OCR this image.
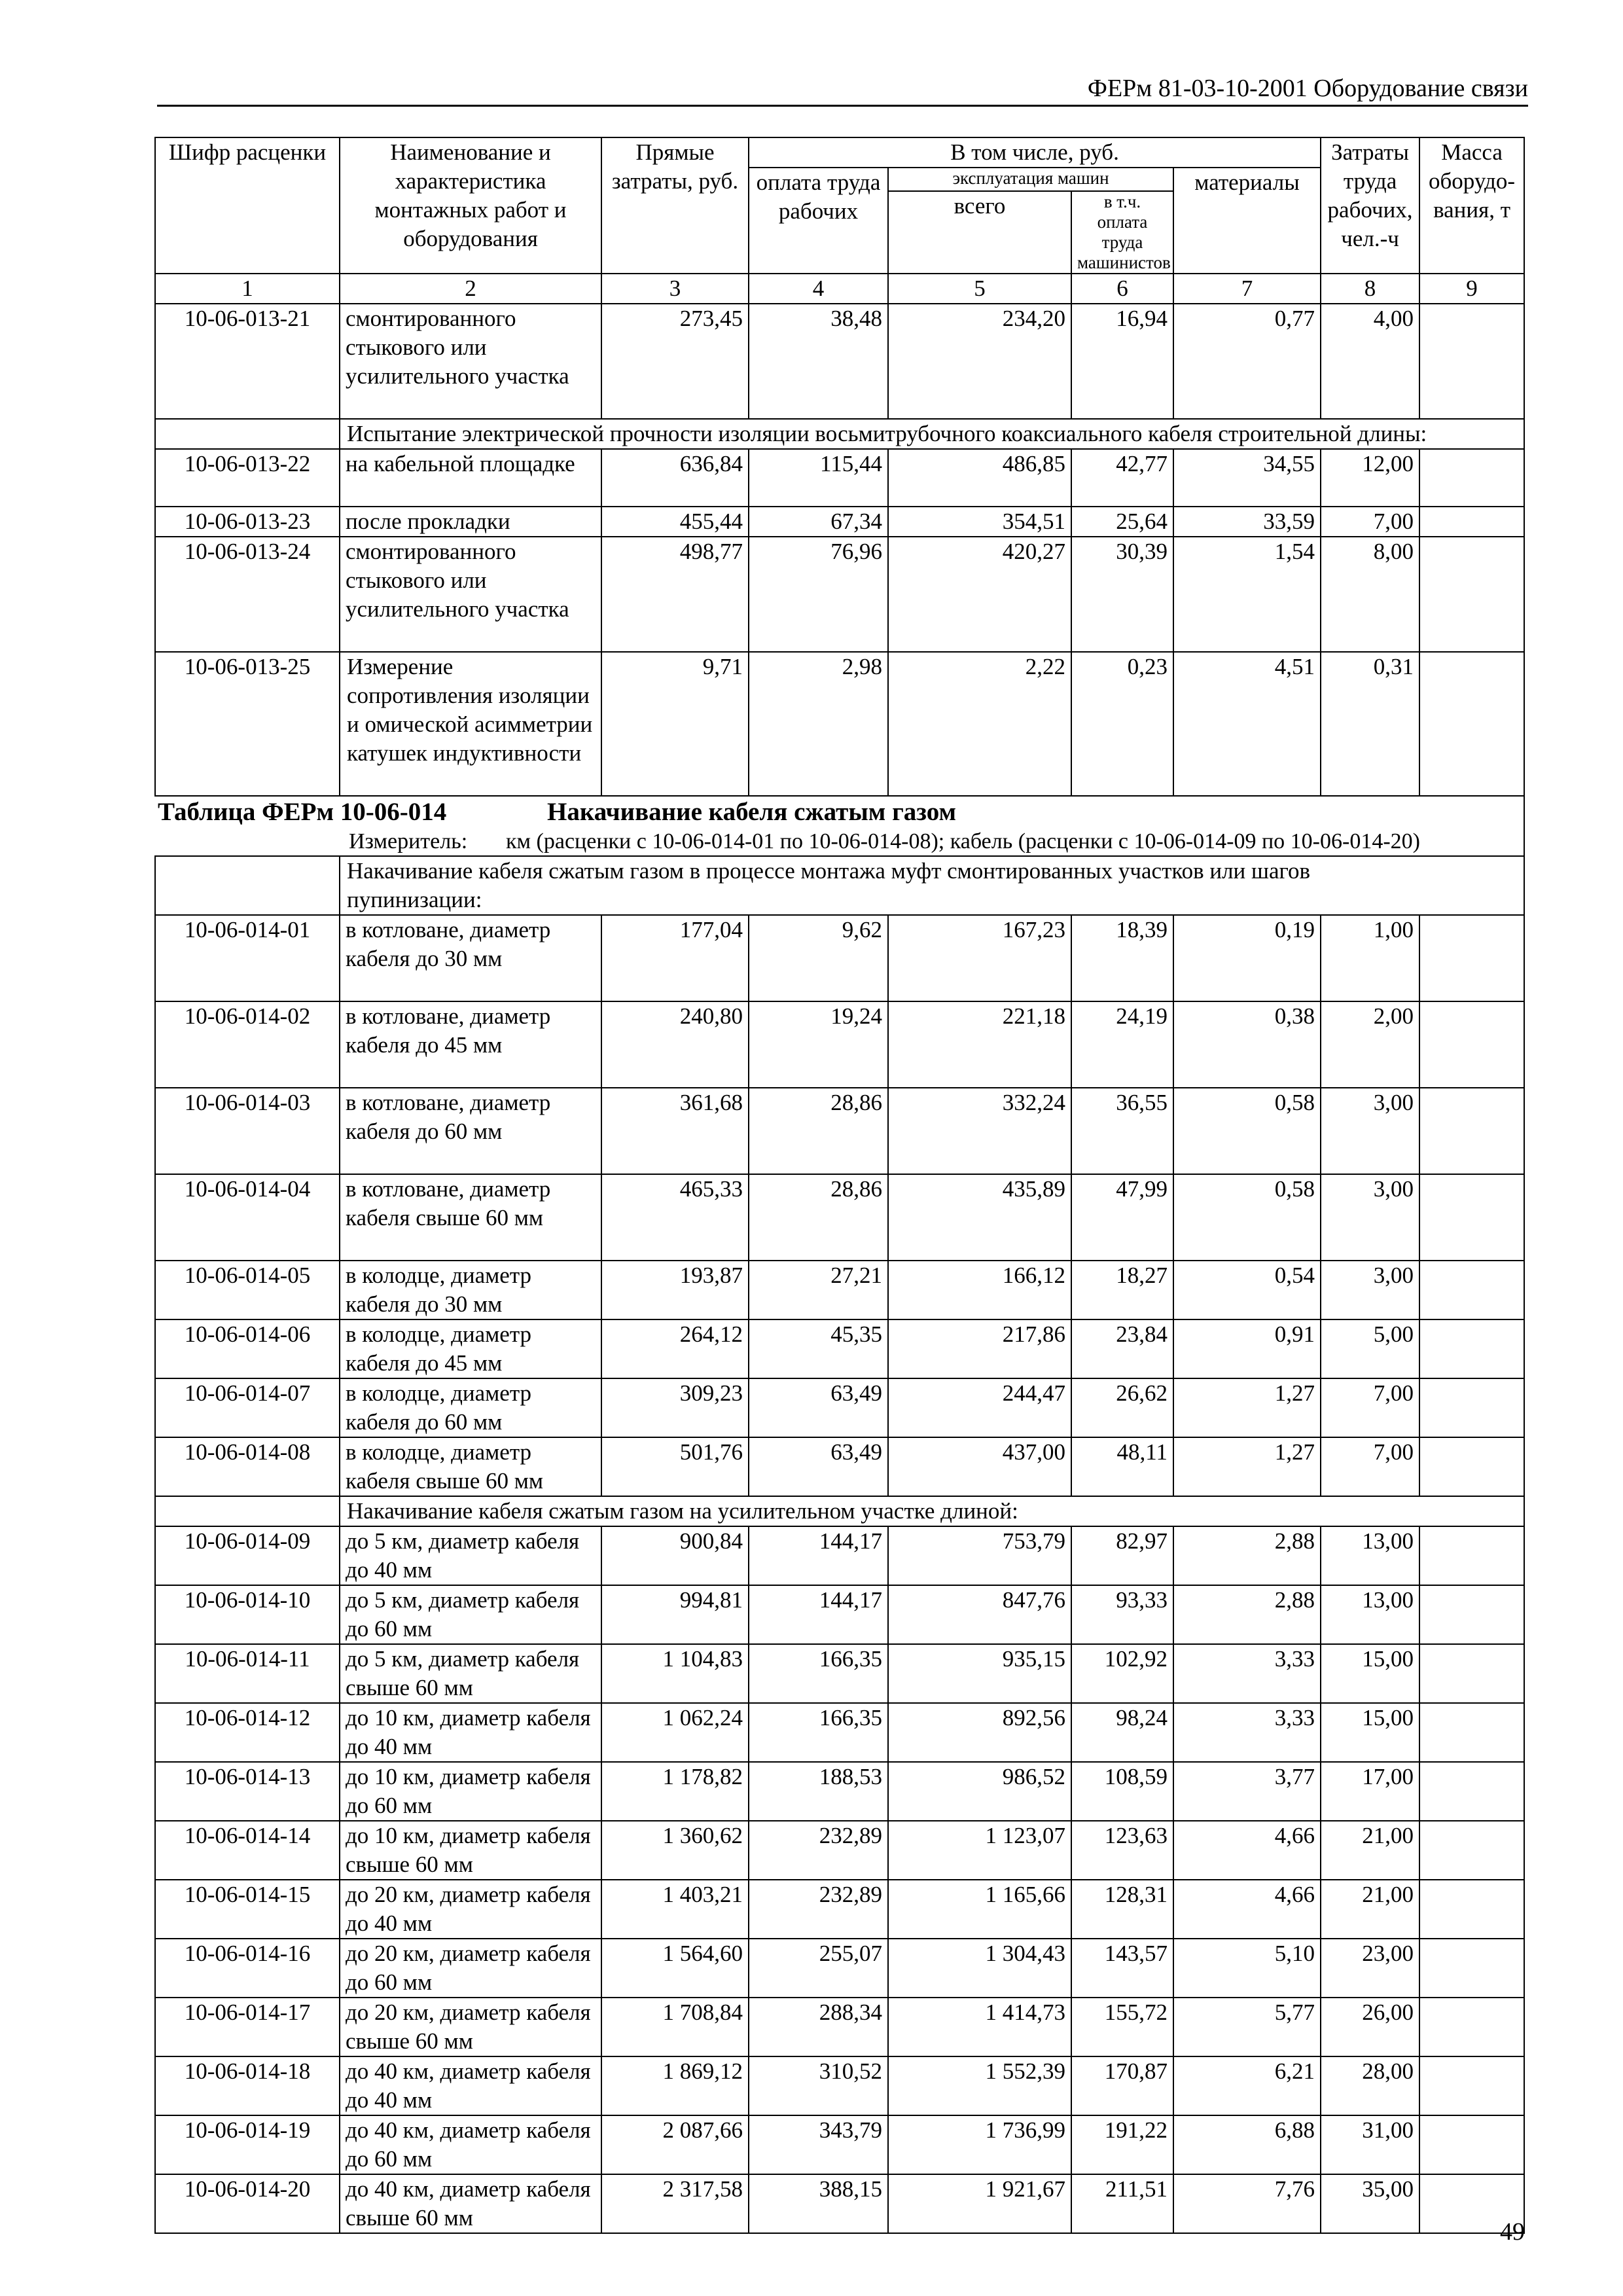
ФЕРм 81-03-10-2001 Оборудование связи
Шифр расценки	Наименование и характеристика монтажных работ и оборудования	Прямые затраты, руб.	В том числе, руб.				Затраты труда рабочих, чел.-ч	Масса оборудо-вания, т
			оплата труда рабочих	эксплуатация машин		материалы		
				всего	в т.ч. оплата труда машинистов			

1	2	3	4	5	6	7	8	9
10-06-013-21	смонтированного стыкового или усилительного участка	273,45	38,48	234,20	16,94	0,77	4,00	
	Испытание электрической прочности изоляции восьмитрубочного коаксиального кабеля строительной длины:							
10-06-013-22	на кабельной площадке	636,84	115,44	486,85	42,77	34,55	12,00	
10-06-013-23	после прокладки	455,44	67,34	354,51	25,64	33,59	7,00	
10-06-013-24	смонтированного стыкового или усилительного участка	498,77	76,96	420,27	30,39	1,54	8,00	
10-06-013-25	Измерение сопротивления изоляции и омической асимметрии катушек индуктивности	9,71	2,98	2,22	0,23	4,51	0,31	

Таблица ФЕРм 10-06-014 Накачивание кабеля сжатым газом
Измеритель: км (расценки с 10-06-014-01 по 10-06-014-08); кабель (расценки с 10-06-014-09 по 10-06-014-20)								

	Накачивание кабеля сжатым газом в процессе монтажа муфт смонтированных участков или шагов пупинизации:							
10-06-014-01	в котловане, диаметр кабеля до 30 мм	177,04	9,62	167,23	18,39	0,19	1,00	
10-06-014-02	в котловане, диаметр кабеля до 45 мм	240,80	19,24	221,18	24,19	0,38	2,00	
10-06-014-03	в котловане, диаметр кабеля до 60 мм	361,68	28,86	332,24	36,55	0,58	3,00	
10-06-014-04	в котловане, диаметр кабеля свыше 60 мм	465,33	28,86	435,89	47,99	0,58	3,00	
10-06-014-05	в колодце, диаметр кабеля до 30 мм	193,87	27,21	166,12	18,27	0,54	3,00	
10-06-014-06	в колодце, диаметр кабеля до 45 мм	264,12	45,35	217,86	23,84	0,91	5,00	
10-06-014-07	в колодце, диаметр кабеля до 60 мм	309,23	63,49	244,47	26,62	1,27	7,00	
10-06-014-08	в колодце, диаметр кабеля свыше 60 мм	501,76	63,49	437,00	48,11	1,27	7,00	
	Накачивание кабеля сжатым газом на усилительном участке длиной:							
10-06-014-09	до 5 км, диаметр кабеля до 40 мм	900,84	144,17	753,79	82,97	2,88	13,00	
10-06-014-10	до 5 км, диаметр кабеля до 60 мм	994,81	144,17	847,76	93,33	2,88	13,00	
10-06-014-11	до 5 км, диаметр кабеля свыше 60 мм	1 104,83	166,35	935,15	102,92	3,33	15,00	
10-06-014-12	до 10 км, диаметр кабеля до 40 мм	1 062,24	166,35	892,56	98,24	3,33	15,00	
10-06-014-13	до 10 км, диаметр кабеля до 60 мм	1 178,82	188,53	986,52	108,59	3,77	17,00	
10-06-014-14	до 10 км, диаметр кабеля свыше 60 мм	1 360,62	232,89	1 123,07	123,63	4,66	21,00	
10-06-014-15	до 20 км, диаметр кабеля до 40 мм	1 403,21	232,89	1 165,66	128,31	4,66	21,00	
10-06-014-16	до 20 км, диаметр кабеля до 60 мм	1 564,60	255,07	1 304,43	143,57	5,10	23,00	
10-06-014-17	до 20 км, диаметр кабеля свыше 60 мм	1 708,84	288,34	1 414,73	155,72	5,77	26,00	
10-06-014-18	до 40 км, диаметр кабеля до 40 мм	1 869,12	310,52	1 552,39	170,87	6,21	28,00	
10-06-014-19	до 40 км, диаметр кабеля до 60 мм	2 087,66	343,79	1 736,99	191,22	6,88	31,00	
10-06-014-20	до 40 км, диаметр кабеля свыше 60 мм	2 317,58	388,15	1 921,67	211,51	7,76	35,00	
49
